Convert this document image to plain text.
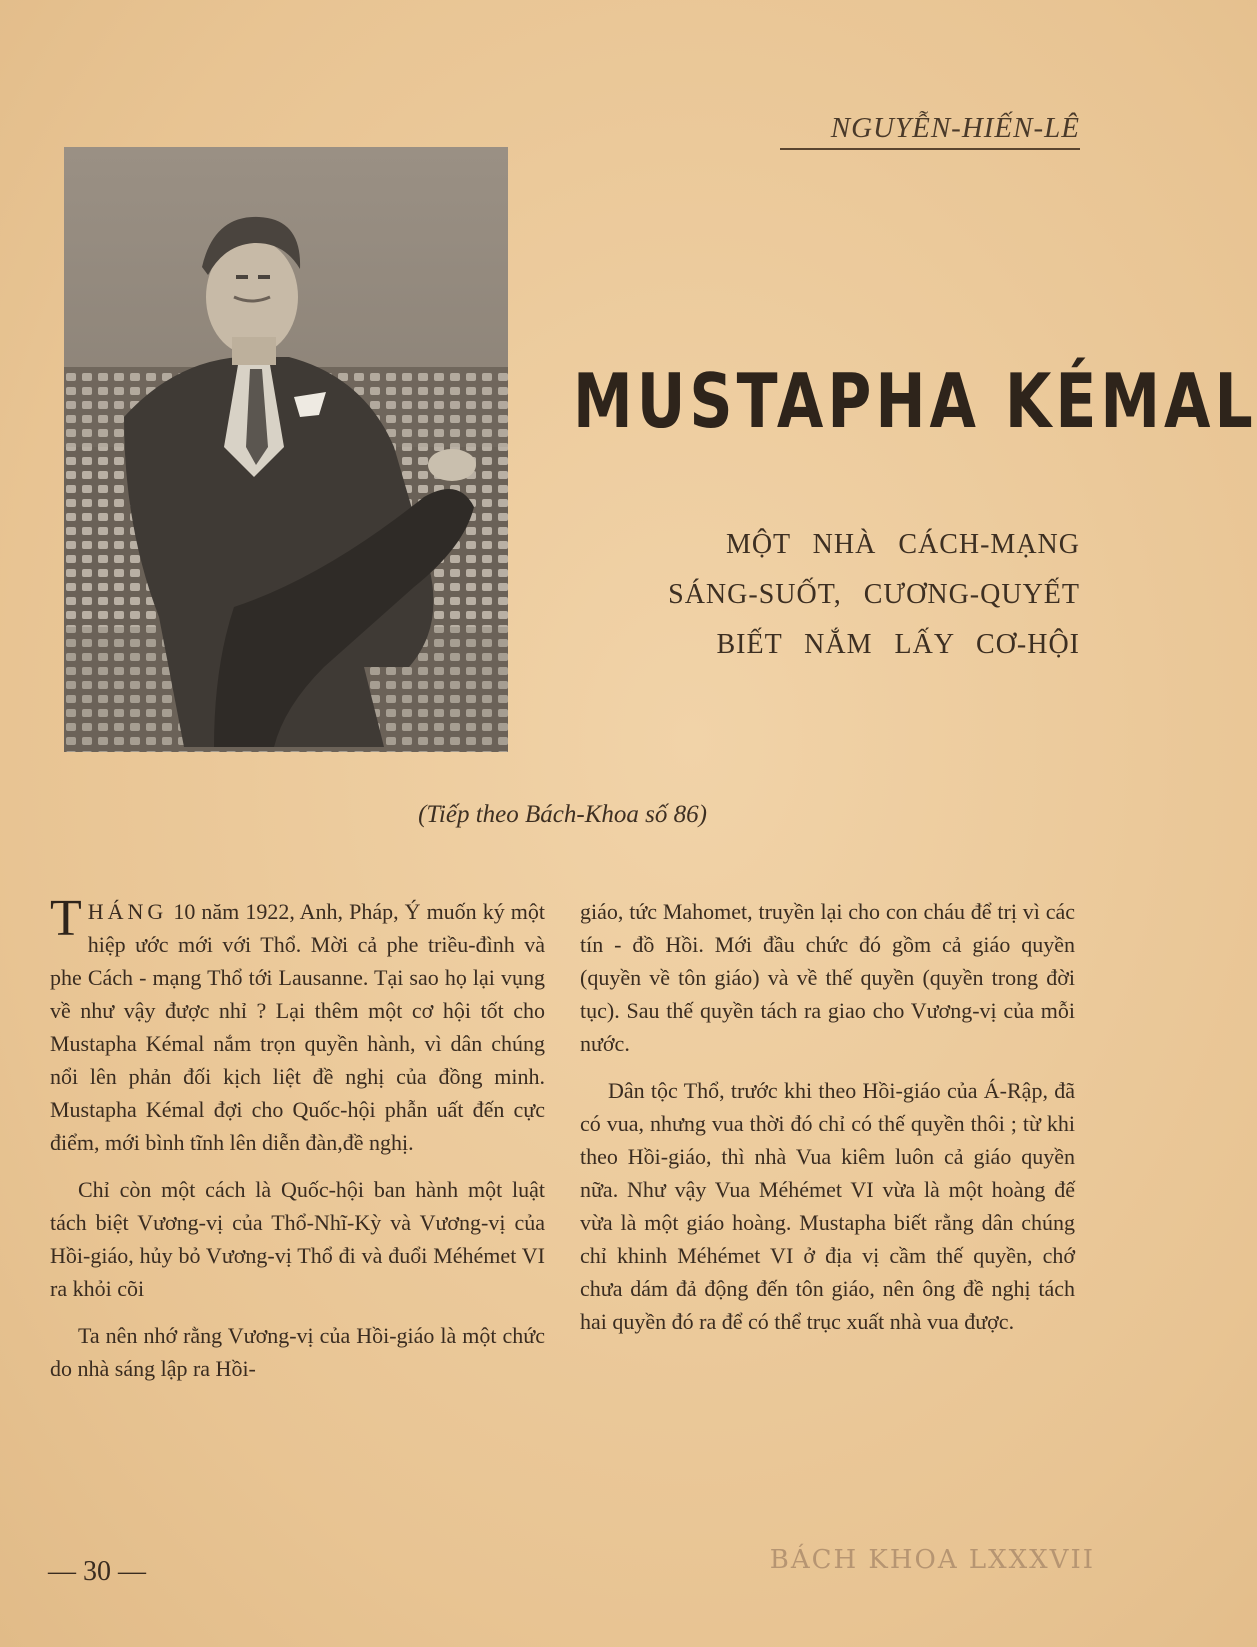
NGUYỄN-HIẾN-LÊ
MUSTAPHA KÉMAL
MỘT NHÀ CÁCH-MẠNG
SÁNG-SUỐT, CƯƠNG-QUYẾT
BIẾT NẮM LẤY CƠ-HỘI
(Tiếp theo Bách-Khoa số 86)

THÁNG 10 năm 1922, Anh, Pháp, Ý muốn ký một hiệp ước mới với Thổ. Mời cả phe triều-đình và phe Cách - mạng Thổ tới Lausanne. Tại sao họ lại vụng về như vậy được nhỉ ? Lại thêm một cơ hội tốt cho Mustapha Kémal nắm trọn quyền hành, vì dân chúng nổi lên phản đối kịch liệt đề nghị của đồng minh. Mustapha Kémal đợi cho Quốc-hội phẫn uất đến cực điểm, mới bình tĩnh lên diễn đàn,đề nghị.

Chỉ còn một cách là Quốc-hội ban hành một luật tách biệt Vương-vị của Thổ-Nhĩ-Kỳ và Vương-vị của Hồi-giáo, hủy bỏ Vương-vị Thổ đi và đuổi Méhémet VI ra khỏi cõi

Ta nên nhớ rằng Vương-vị của Hồi-giáo là một chức do nhà sáng lập ra Hồi-

giáo, tức Mahomet, truyền lại cho con cháu để trị vì các tín - đồ Hồi. Mới đầu chức đó gồm cả giáo quyền (quyền về tôn giáo) và về thế quyền (quyền trong đời tục). Sau thế quyền tách ra giao cho Vương-vị của mỗi nước.

Dân tộc Thổ, trước khi theo Hồi-giáo của Á-Rập, đã có vua, nhưng vua thời đó chỉ có thế quyền thôi ; từ khi theo Hồi-giáo, thì nhà Vua kiêm luôn cả giáo quyền nữa. Như vậy Vua Méhémet VI vừa là một hoàng đế vừa là một giáo hoàng. Mustapha biết rằng dân chúng chỉ khinh Méhémet VI ở địa vị cầm thế quyền, chớ chưa dám đả động đến tôn giáo, nên ông đề nghị tách hai quyền đó ra để có thể trục xuất nhà vua được.

— 30 —	BÁCH KHOA LXXXVII
